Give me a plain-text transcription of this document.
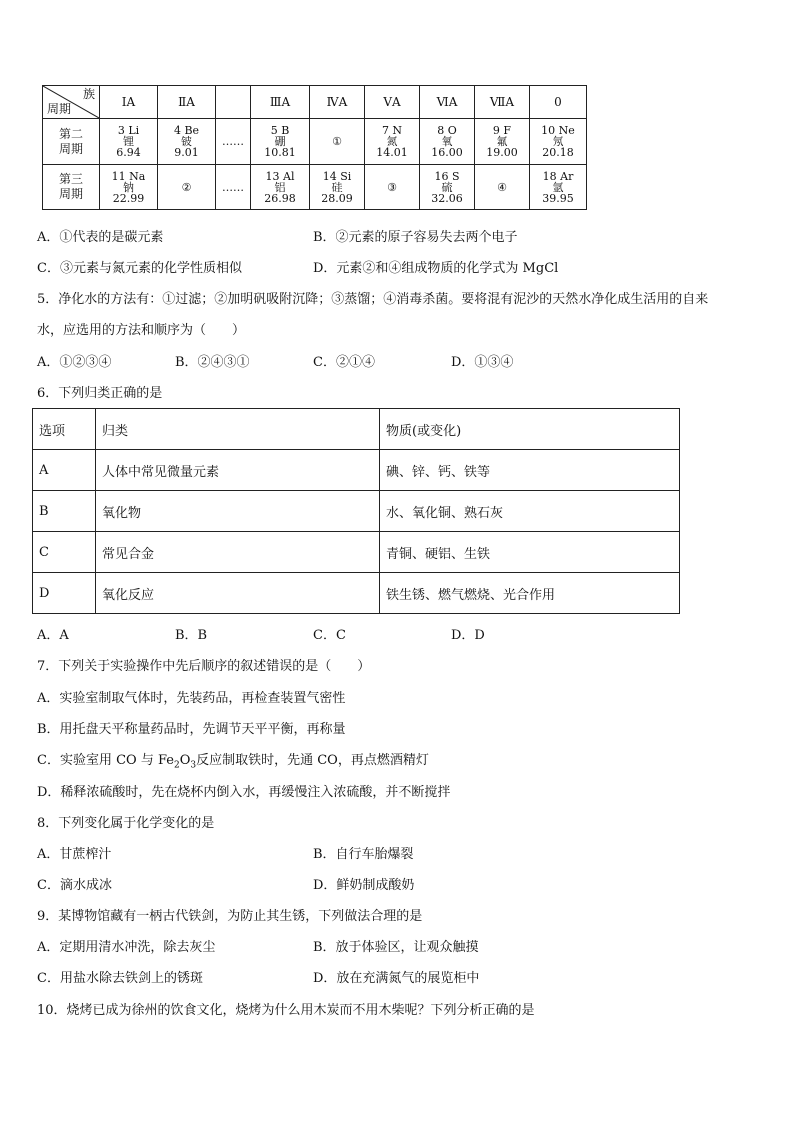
族
周期	ⅠA	ⅡA		ⅢA	ⅣA	ⅤA	ⅥA	ⅦA	0
第二
周期	3 Li
锂
6.94	4 Be
铍
9.01	……	5 B
硼
10.81	①	7 N
氮
14.01	8 O
氧
16.00	9 F
氟
19.00	10 Ne
氖
20.18

第三
周期	11 Na
钠
22.99	②	……	13 Al
铝
26.98	14 Si
硅
28.09	③	16 S
硫
32.06	④	18 Ar
氩
39.95
A．①代表的是碳元素	B．②元素的原子容易失去两个电子
C．③元素与氮元素的化学性质相似	D．元素②和④组成物质的化学式为 MgCl
5．净化水的方法有：①过滤；②加明矾吸附沉降；③蒸馏；④消毒杀菌。要将混有泥沙的天然水净化成生活用的自来
水，应选用的方法和顺序为（　　）
A．①②③④	B．②④③①	C．②①④	D．①③④
6．下列归类正确的是
选项	归类	物质(或变化)
A	人体中常见微量元素	碘、锌、钙、铁等
B	氧化物	水、氧化铜、熟石灰
C	常见合金	青铜、硬铝、生铁
D	氧化反应	铁生锈、燃气燃烧、光合作用
A．A	B．B	C．C	D．D
7．下列关于实验操作中先后顺序的叙述错误的是（　　）
A．实验室制取气体时，先装药品，再检查装置气密性
B．用托盘天平称量药品时，先调节天平平衡，再称量
C．实验室用 CO 与 $Fe_2O_3$反应制取铁时，先通 CO，再点燃酒精灯
D．稀释浓硫酸时，先在烧杯内倒入水，再缓慢注入浓硫酸，并不断搅拌
8．下列变化属于化学变化的是
A．甘蔗榨汁	B．自行车胎爆裂
C．滴水成冰	D．鲜奶制成酸奶
9．某博物馆藏有一柄古代铁剑，为防止其生锈，下列做法合理的是
A．定期用清水冲洗，除去灰尘	B．放于体验区，让观众触摸
C．用盐水除去铁剑上的锈斑	D．放在充满氮气的展览柜中
10．烧烤已成为徐州的饮食文化，烧烤为什么用木炭而不用木柴呢？下列分析正确的是
